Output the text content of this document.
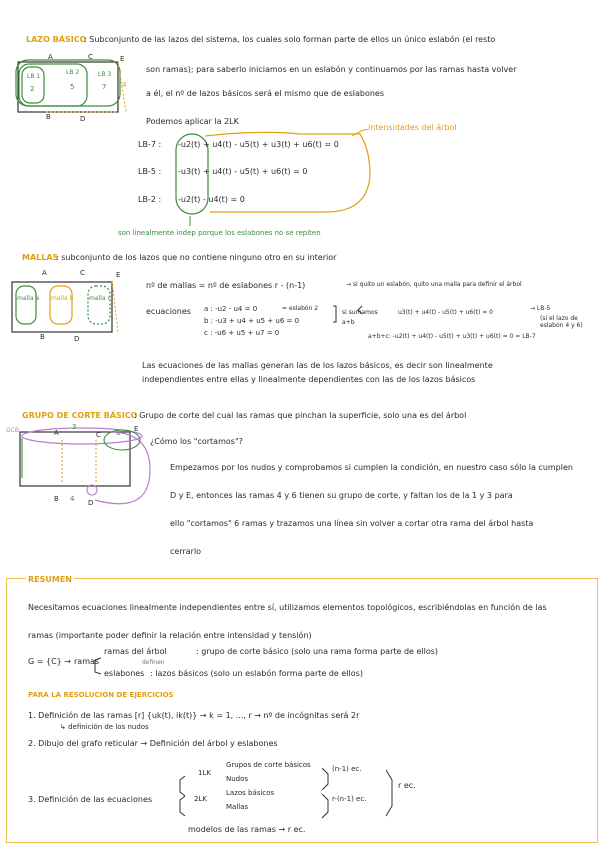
LAZO BÁSICO
: Subconjunto de las lazos del sistema, los cuales solo forman parte de ellos un único eslabón (el resto
son ramas); para saberlo iniciamos en un eslabón y continuamos por las ramas hasta volver
a él, el nº de lazos básicos será el mismo que de eslabones
A	C	E
B	D
LB 1
LB 2	LB 3
2	5	7 4
Podemos aplicar la 2LK
intensidades del árbol
LB-7 : -u2(t) + u4(t) - u5(t) + u3(t) + u6(t) = 0
LB-5 : -u3(t) + u4(t) - u5(t) + u6(t) = 0
LB-2 : -u2(t) - u4(t) = 0
son linealmente indep porque los eslabones no se repiten
MALLAS
: subconjunto de los lazos que no contiene ninguno otro en su interior
A	C	E
B	D
malla a malla b	malla c
nº de mallas = nº de eslabones r - (n-1)	→ si quito un eslabón, quito una malla para definir el árbol
ecuaciones a : -u2 - u4 = 0	= eslabón 2
b : -u3 + u4 + u5 + u6 = 0
c : -u6 + u5 + u7 = 0
si sumamos
a+b
u3(t) + u4(t) - u5(t) + u6(t) = 0
→ LB-5
(si el lazo de eslabón 4 y 6)
a+b+c: -u2(t) + u4(t) - u5(t) + u3(t) + u6(t) = 0 = LB-7
Las ecuaciones de las mallas generan las de los lazos básicos, es decir son linealmente
independientes entre ellas y linealmente dependientes con las de los lazos básicos
GRUPO DE CORTE BÁSICO
: Grupo de corte del cual las ramas que pinchan la superficie, solo una es del árbol
GCB	A
3
C 6 E
B 4 D
¿Cómo los "cortamos"?
Empezamos por los nudos y comprobamos si cumplen la condición, en nuestro caso sólo la cumplen
D y E, entonces las ramas 4 y 6 tienen su grupo de corte, y faltan los de la 1 y 3 para
ello "cortamos" 6 ramas y trazamos una línea sin volver a cortar otra rama del árbol hasta
cerrarlo
RESUMEN
Necesitamos ecuaciones linealmente independientes entre sí, utilizamos elementos topológicos, escribiéndolas en función de las
ramas (importante poder definir la relación entre intensidad y tensión)
G = {C} → ramas
ramas del árbol	: grupo de corte básico (solo una rama forma parte de ellos)
definen
eslabones : lazos básicos (solo un eslabón forma parte de ellos)
PARA LA RESOLUCIÓN DE EJERCICIOS
1. Definición de las ramas [r] {uk(t), ik(t)} → k = 1, ..., r → nº de incógnitas será 2r
↳ definición de los nudos
2. Dibujo del grafo reticular → Definición del árbol y eslabones
3. Definición de las ecuaciones
1LK
Grupos de corte básicos
Nudos
(n-1) ec.
2LK
Lazos básicos
Mallas
r-(n-1) ec.
r ec.
modelos de las ramas → r ec.
